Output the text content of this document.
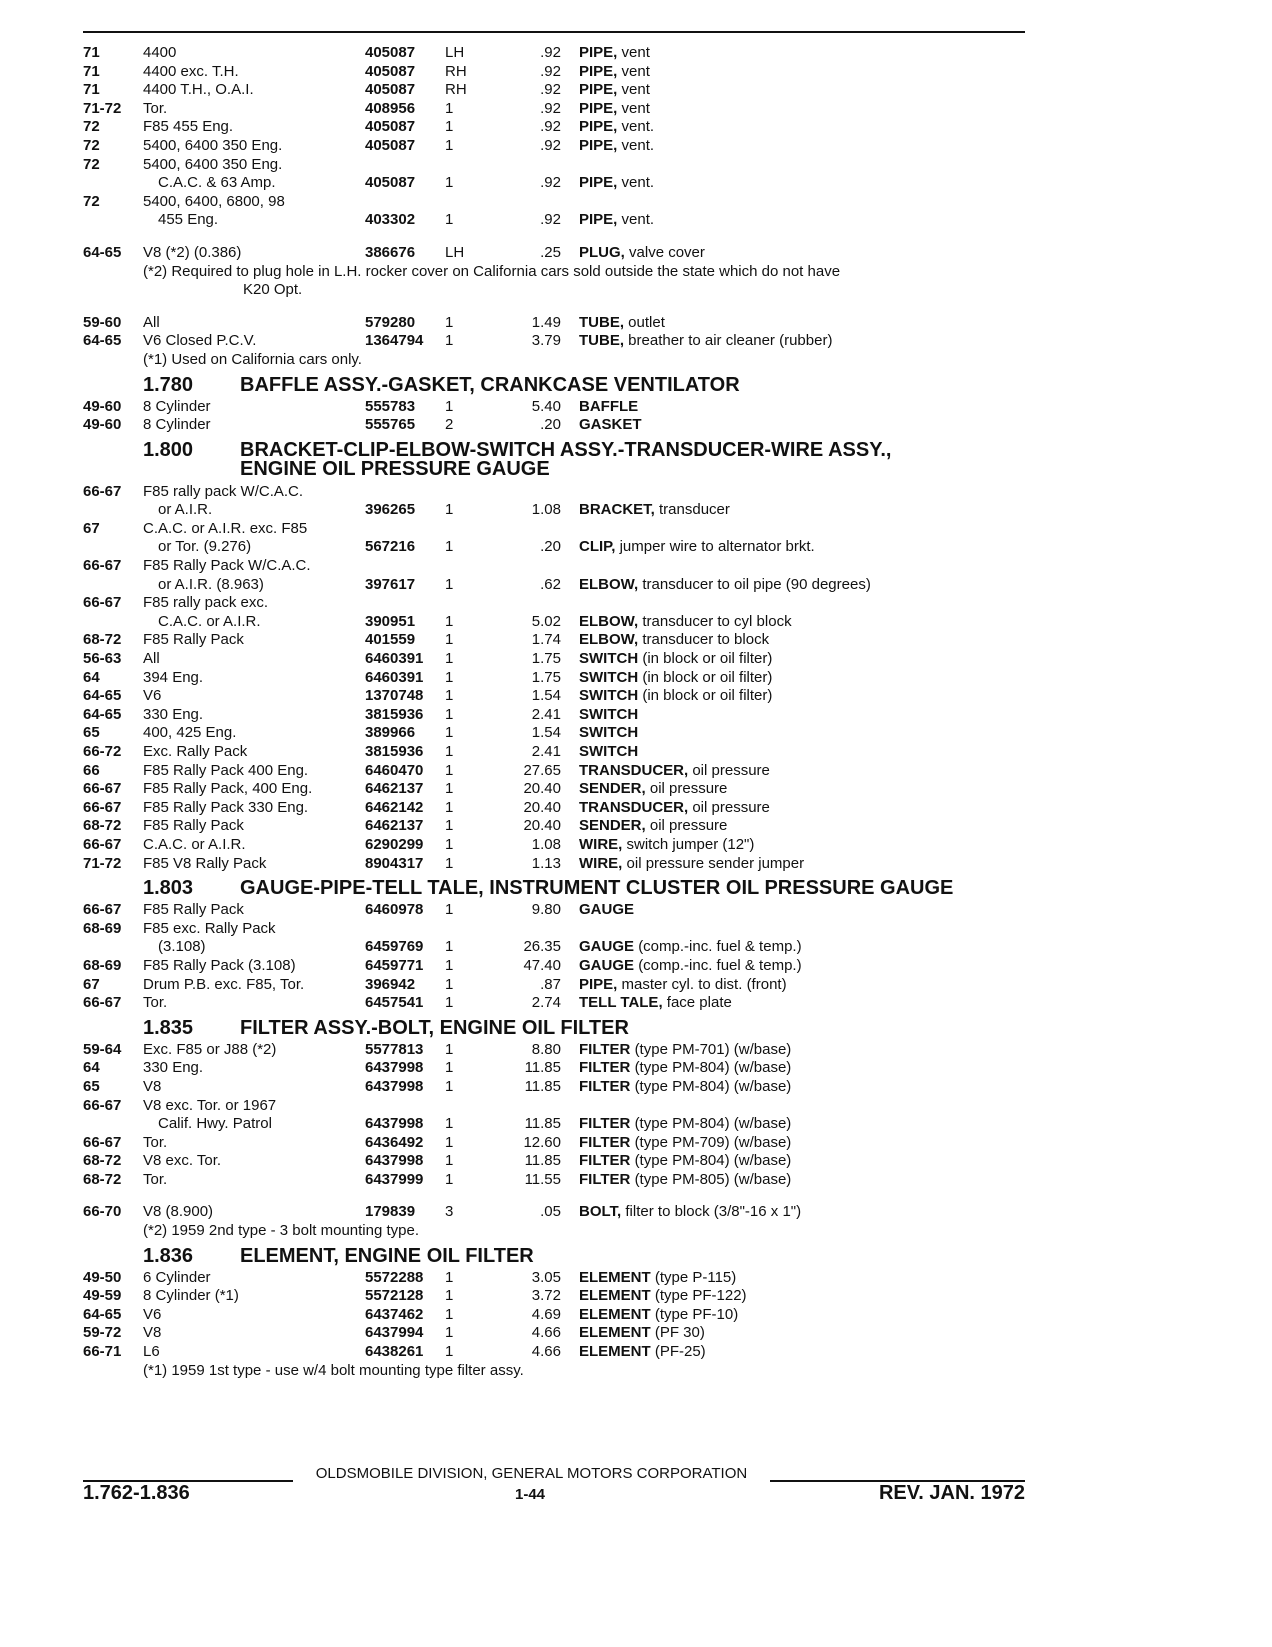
71	4400 . . .	405087	LH	.92 PIPE, vent . . .
71	4400 exc. T.H. . . .	405087	RH	.92 PIPE, vent . . .
71	4400 T.H., O.A.I. . . .	405087	RH	.92 PIPE, vent . . .
71-72	Tor. . . .	408956	1	.92 PIPE, vent . . .
72	F85 455 Eng. . . .	405087	1	.92 PIPE, vent. . . .
72	5400, 6400 350 Eng. . . .	405087	1	.92 PIPE, vent. . . .
72	5400, 6400 350 Eng.
C.A.C. & 63 Amp. . . .	405087	1	.92 PIPE, vent. . . .
72	5400, 6400, 6800, 98
455 Eng. . . .	403302	1	.92 PIPE, vent. . . .
64-65	V8 (*2) (0.386) . . .	386676	LH	.25 PLUG, valve cover . . .
(*2) Required to plug hole in L.H. rocker cover on California cars sold outside the state which do not have
K20 Opt.
59-60	All . . .	579280	1	1.49 TUBE, outlet . . .
64-65	V6 Closed P.C.V. . . .	1364794	1	3.79 TUBE, breather to air cleaner (rubber) . . .
(*1) Used on California cars only.
1.780 BAFFLE ASSY.-GASKET, CRANKCASE VENTILATOR
49-60	8 Cylinder . . .	555783	1	5.40 BAFFLE . . .
49-60	8 Cylinder . . .	555765	2	.20 GASKET . . .
1.800 BRACKET-CLIP-ELBOW-SWITCH ASSY.-TRANSDUCER-WIRE ASSY.,
ENGINE OIL PRESSURE GAUGE
66-67	F85 rally pack W/C.A.C.
or A.I.R. . . .	396265	1	1.08 BRACKET, transducer . . .
67	C.A.C. or A.I.R. exc. F85
or Tor. (9.276) . . .	567216	1	.20 CLIP, jumper wire to alternator brkt. . . .
66-67	F85 Rally Pack W/C.A.C.
or A.I.R. (8.963) . . .	397617	1	.62 ELBOW, transducer to oil pipe (90 degrees) . . .
66-67	F85 rally pack exc.
C.A.C. or A.I.R. . . .	390951	1	5.02 ELBOW, transducer to cyl block . . .
68-72	F85 Rally Pack . . .	401559	1	1.74 ELBOW, transducer to block . . .
56-63	All . . .	6460391	1	1.75 SWITCH (in block or oil filter) . . .
64	394 Eng. . . .	6460391	1	1.75 SWITCH (in block or oil filter) . . .
64-65	V6 . . .	1370748	1	1.54 SWITCH (in block or oil filter) . . .
64-65	330 Eng. . . .	3815936	1	2.41 SWITCH . . .
65	400, 425 Eng. . . .	389966	1	1.54 SWITCH . . .
66-72	Exc. Rally Pack . . .	3815936	1	2.41 SWITCH . . .
66	F85 Rally Pack 400 Eng. . . .	6460470	1	27.65 TRANSDUCER, oil pressure . . .
66-67	F85 Rally Pack, 400 Eng. . . .	6462137	1	20.40 SENDER, oil pressure . . .
66-67	F85 Rally Pack 330 Eng. . . .	6462142	1	20.40 TRANSDUCER, oil pressure . . .
68-72	F85 Rally Pack . . .	6462137	1	20.40 SENDER, oil pressure . . .
66-67	C.A.C. or A.I.R. . . .	6290299	1	1.08 WIRE, switch jumper (12") . . .
71-72	F85 V8 Rally Pack . . .	8904317	1	1.13 WIRE, oil pressure sender jumper . . .
1.803 GAUGE-PIPE-TELL TALE, INSTRUMENT CLUSTER OIL PRESSURE GAUGE
66-67	F85 Rally Pack . . .	6460978	1	9.80 GAUGE . . .
68-69	F85 exc. Rally Pack
(3.108) . . .	6459769	1	26.35 GAUGE (comp.-inc. fuel & temp.) . . .
68-69	F85 Rally Pack (3.108) . . .	6459771	1	47.40 GAUGE (comp.-inc. fuel & temp.) . . .
67	Drum P.B. exc. F85, Tor. . . .	396942	1	.87 PIPE, master cyl. to dist. (front) . . .
66-67	Tor. . . .	6457541	1	2.74 TELL TALE, face plate . . .
1.835 FILTER ASSY.-BOLT, ENGINE OIL FILTER
59-64	Exc. F85 or J88 (*2) . . .	5577813	1	8.80 FILTER (type PM-701) (w/base) . . .
64	330 Eng. . . .	6437998	1	11.85 FILTER (type PM-804) (w/base) . . .
65	V8 . . .	6437998	1	11.85 FILTER (type PM-804) (w/base) . . .
66-67	V8 exc. Tor. or 1967
Calif. Hwy. Patrol . . .	6437998	1	11.85 FILTER (type PM-804) (w/base) . . .
66-67	Tor. . . .	6436492	1	12.60 FILTER (type PM-709) (w/base) . . .
68-72	V8 exc. Tor. . . .	6437998	1	11.85 FILTER (type PM-804) (w/base) . . .
68-72	Tor. . . .	6437999	1	11.55 FILTER (type PM-805) (w/base) . . .
66-70	V8 (8.900) . . .	179839	3	.05 BOLT, filter to block (3/8"-16 x 1") . . .
(*2) 1959 2nd type - 3 bolt mounting type.
1.836 ELEMENT, ENGINE OIL FILTER
49-50	6 Cylinder . . .	5572288	1	3.05 ELEMENT (type P-115) . . .
49-59	8 Cylinder (*1) . . .	5572128	1	3.72 ELEMENT (type PF-122) . . .
64-65	V6 . . .	6437462	1	4.69 ELEMENT (type PF-10) . . .
59-72	V8 . . .	6437994	1	4.66 ELEMENT (PF 30) . . .
66-71	L6 . . .	6438261	1	4.66 ELEMENT (PF-25) . . .
(*1) 1959 1st type - use w/4 bolt mounting type filter assy.
OLDSMOBILE DIVISION, GENERAL MOTORS CORPORATION
1.762-1.836	1-44	REV. JAN. 1972
